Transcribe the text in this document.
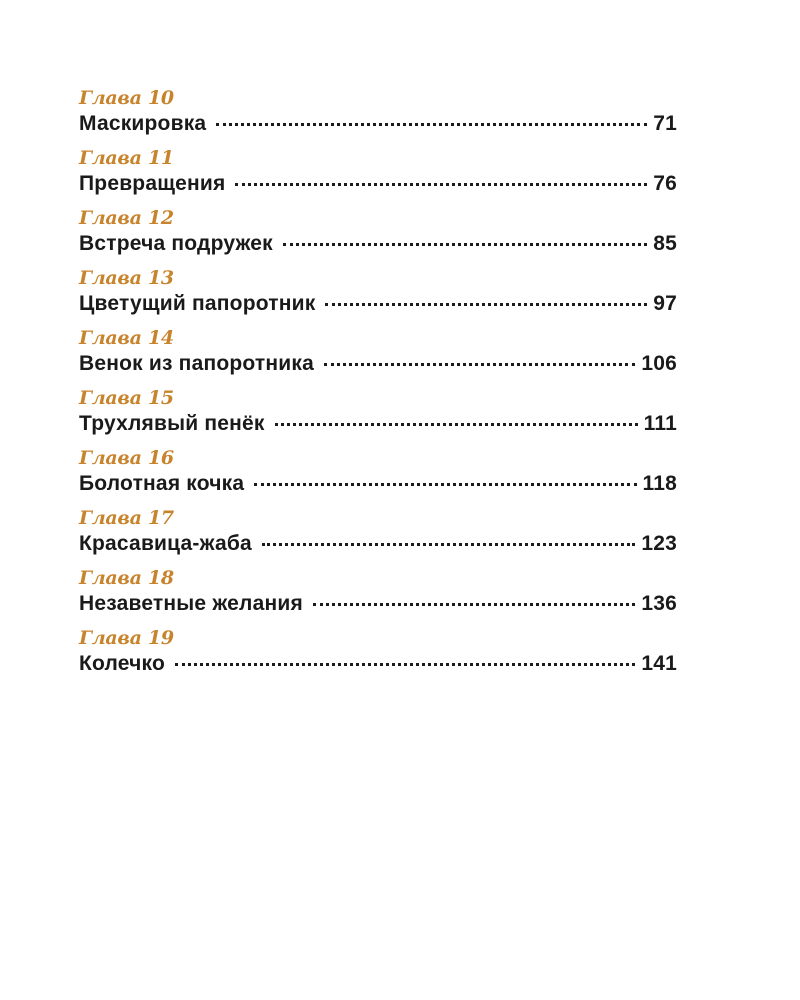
Глава 10
Маскировка	71
Глава 11
Превращения	76
Глава 12
Встреча подружек	85
Глава 13
Цветущий папоротник	97
Глава 14
Венок из папоротника	106
Глава 15
Трухлявый пенёк	111
Глава 16
Болотная кочка	118
Глава 17
Красавица-жаба	123
Глава 18
Незаветные желания	136
Глава 19
Колечко	141
